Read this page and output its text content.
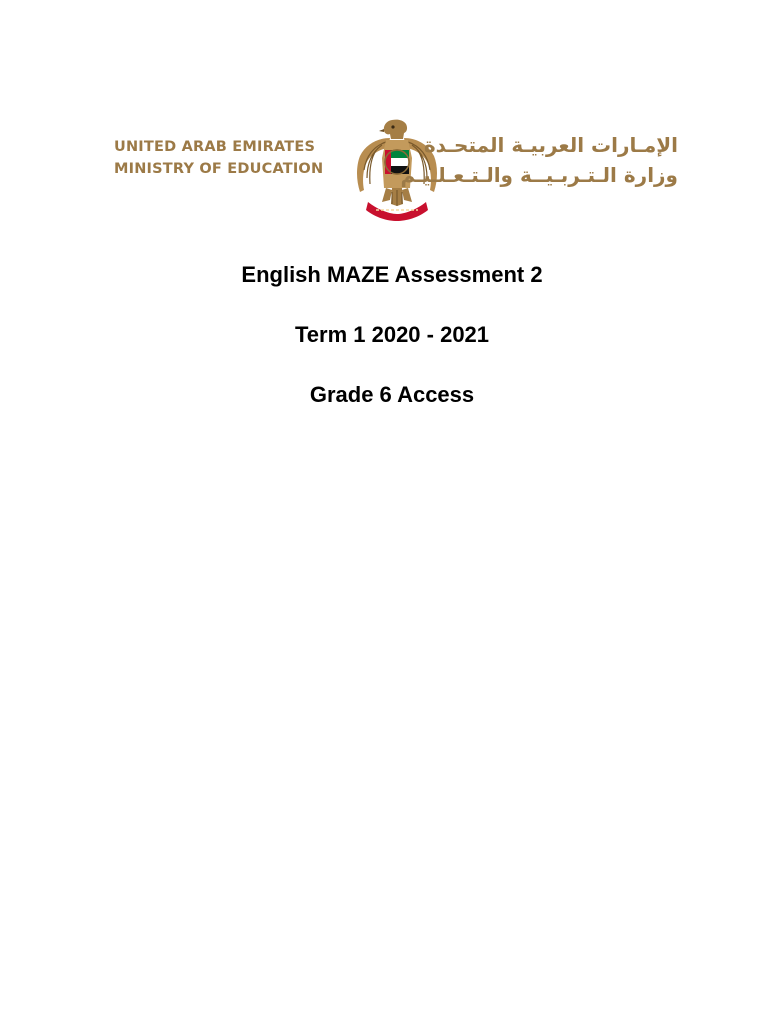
UNITED ARAB EMIRATES
MINISTRY OF EDUCATION
الإمـارات العربيـة المتحـدة
وزارة الـتـربـيــة والـتـعـلـيـم

English MAZE Assessment 2

Term 1 2020 - 2021

Grade 6 Access
